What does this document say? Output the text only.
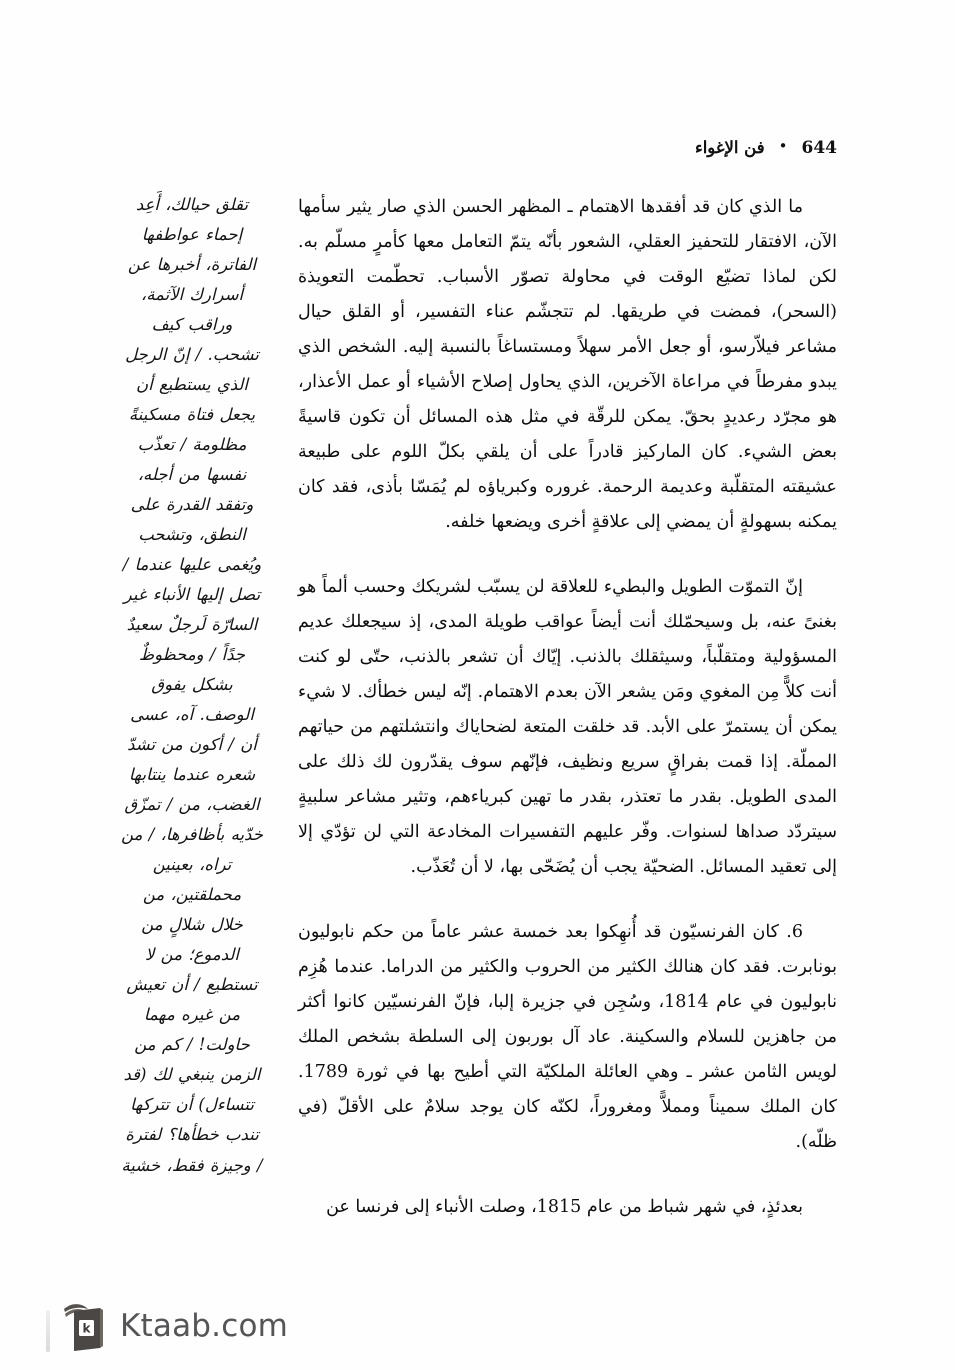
644
•
فن الإغواء

ما الذي كان قد أفقدها الاهتمام ـ المظهر الحسن الذي صار يثير سأمها الآن، الافتقار للتحفيز العقلي، الشعور بأنّه يتمّ التعامل معها كأمرٍ مسلّم به. لكن لماذا تضيّع الوقت في محاولة تصوّر الأسباب. تحطّمت التعويذة (السحر)، فمضت في طريقها. لم تتجشّم عناء التفسير، أو القلق حيال مشاعر فيلاّرسو، أو جعل الأمر سهلاً ومستساغاً بالنسبة إليه. الشخص الذي يبدو مفرطاً في مراعاة الآخرين، الذي يحاول إصلاح الأشياء أو عمل الأعذار، هو مجرّد رعديدٍ بحقّ. يمكن للرقّة في مثل هذه المسائل أن تكون قاسيةً بعض الشيء. كان الماركيز قادراً على أن يلقي بكلّ اللوم على طبيعة عشيقته المتقلّبة وعديمة الرحمة. غروره وكبرياؤه لم يُمَسّا بأذى، فقد كان يمكنه بسهولةٍ أن يمضي إلى علاقةٍ أخرى ويضعها خلفه.

إنّ التموّت الطويل والبطيء للعلاقة لن يسبّب لشريكك وحسب ألماً هو بغنىً عنه، بل وسيحمّلك أنت أيضاً عواقب طويلة المدى، إذ سيجعلك عديم المسؤولية ومتقلّباً، وسيثقلك بالذنب. إيّاك أن تشعر بالذنب، حتّى لو كنت أنت كلاًّ مِن المغوي ومَن يشعر الآن بعدم الاهتمام. إنّه ليس خطأك. لا شيء يمكن أن يستمرّ على الأبد. قد خلقت المتعة لضحاياك وانتشلتهم من حياتهم المملّة. إذا قمت بفراقٍ سريع ونظيف، فإنّهم سوف يقدّرون لك ذلك على المدى الطويل. بقدر ما تعتذر، بقدر ما تهين كبرياءهم، وتثير مشاعر سلبيةٍ سيتردّد صداها لسنوات. وفّر عليهم التفسيرات المخادعة التي لن تؤدّي إلا إلى تعقيد المسائل. الضحيّة يجب أن يُضَحّى بها، لا أن تُعَذّب.

6. كان الفرنسيّون قد أُنهِكوا بعد خمسة عشر عاماً من حكم نابوليون بونابرت. فقد كان هنالك الكثير من الحروب والكثير من الدراما. عندما هُزِم نابوليون في عام 1814، وسُجِن في جزيرة إلبا، فإنّ الفرنسيّين كانوا أكثر من جاهزين للسلام والسكينة. عاد آل بوربون إلى السلطة بشخص الملك لويس الثامن عشر ـ وهي العائلة الملكيّة التي أطيح بها في ثورة 1789. كان الملك سميناً ومملاًّ ومغروراً، لكنّه كان يوجد سلامٌ على الأقلّ (في ظلّه).

بعدئذٍ، في شهر شباط من عام 1815، وصلت الأنباء إلى فرنسا عن

تقلق حيالك، أَعِد
إحماء عواطفها
الفاترة، أخبرها عن
أسرارك الآثمة،
وراقب كيف
تشحب. / إنّ الرجل
الذي يستطيع أن
يجعل فتاة مسكينةً
مظلومة / تعذّب
نفسها من أجله،
وتفقد القدرة على
النطق، وتشحب
ويُغمى عليها عندما /
تصل إليها الأنباء غير
السارّة لَرجلٌ سعيدٌ
جدًاً / ومحظوظٌ
بشكل يفوق
الوصف. آه، عسى
أن / أكون من تشدّ
شعره عندما ينتابها
الغضب، من / تمزّق
خدّيه بأظافرها، / من
تراه، بعينين
محملقتين، من
خلال شلالٍ من
الدموع؛ من لا
تستطيع / أن تعيش
من غيره مهما
حاولت! / كم من
الزمن ينبغي لك (قد
تتساءل) أن تتركها
تندب خطأها؟ لفترة
/ وجيزة فقط، خشية
k Ktaab.com
